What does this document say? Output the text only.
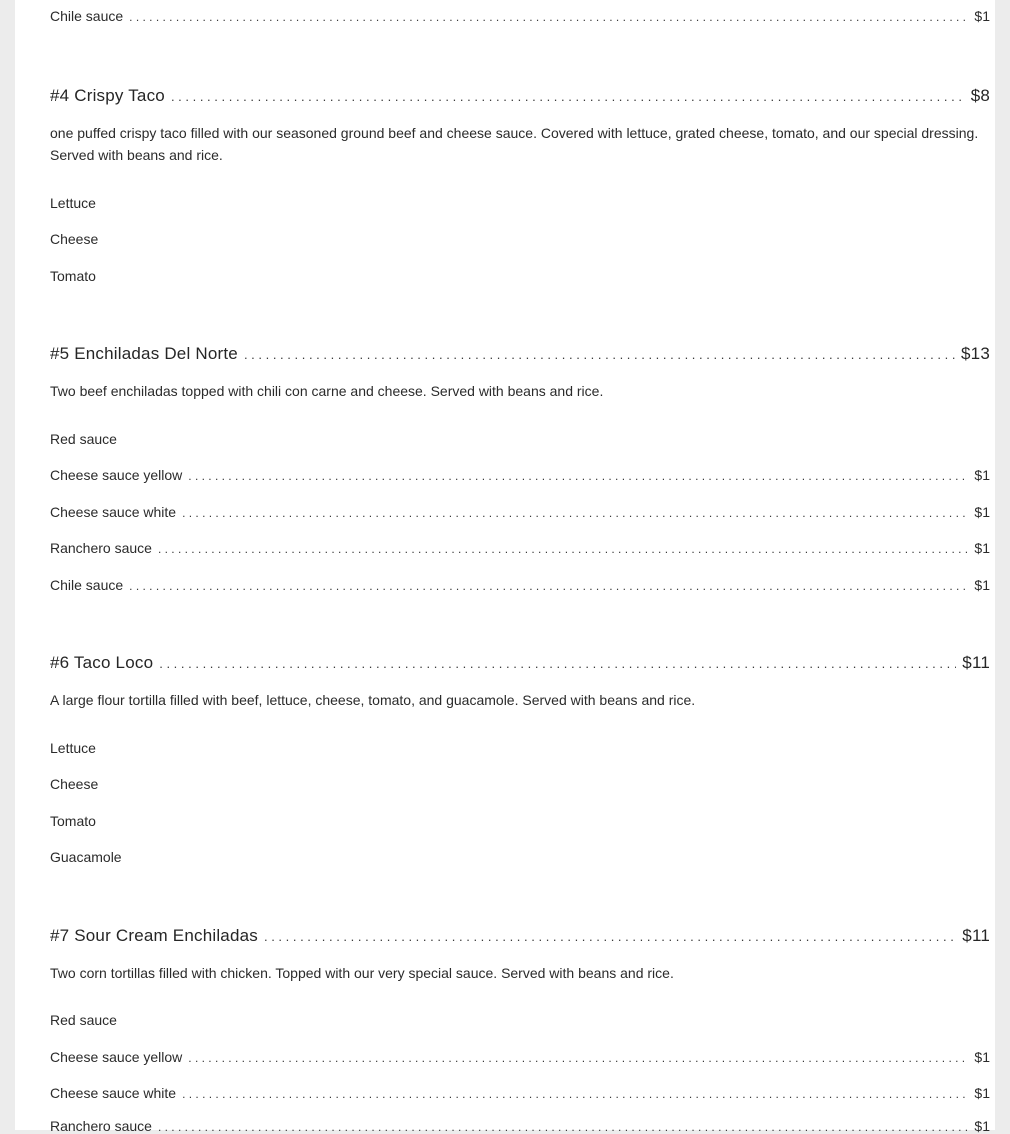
Chile sauce . . .	$1
#4 Crispy Taco . . .	$8
one puffed crispy taco filled with our seasoned ground beef and cheese sauce. Covered with lettuce, grated cheese, tomato, and our special dressing. Served with beans and rice.
Lettuce
Cheese
Tomato
#5 Enchiladas Del Norte . . .	$13
Two beef enchiladas topped with chili con carne and cheese. Served with beans and rice.
Red sauce
Cheese sauce yellow . . .	$1
Cheese sauce white . . .	$1
Ranchero sauce . . .	$1
Chile sauce . . .	$1
#6 Taco Loco . . .	$11
A large flour tortilla filled with beef, lettuce, cheese, tomato, and guacamole. Served with beans and rice.
Lettuce
Cheese
Tomato
Guacamole
#7 Sour Cream Enchiladas . . .	$11
Two corn tortillas filled with chicken. Topped with our very special sauce. Served with beans and rice.
Red sauce
Cheese sauce yellow . . .	$1
Cheese sauce white . . .	$1
Ranchero sauce . . .	$1
